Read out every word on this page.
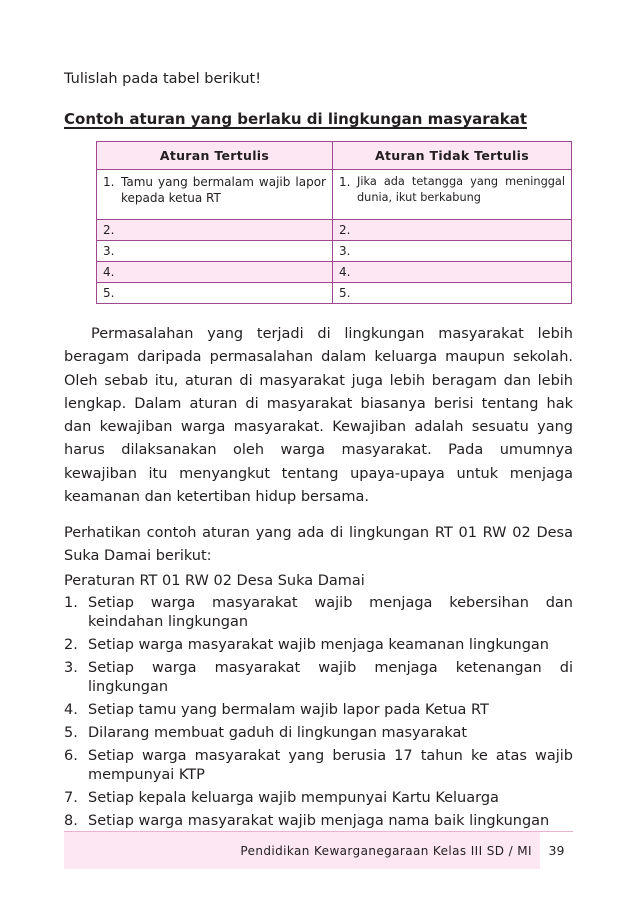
Tulislah pada tabel berikut!
Contoh aturan yang berlaku di lingkungan masyarakat
Aturan Tertulis	Aturan Tidak Tertulis

1. Tamu yang bermalam wajib lapor kepada ketua RT	1. Jika ada tetangga yang meninggal dunia, ikut berkabung

2.	2.
3.	3.
4.	4.
5.	5.

Permasalahan yang terjadi di lingkungan masyarakat lebih beragam daripada permasalahan dalam keluarga maupun sekolah. Oleh sebab itu, aturan di masyarakat juga lebih beragam dan lebih lengkap. Dalam aturan di masyarakat biasanya berisi tentang hak dan kewajiban warga masyarakat. Kewajiban adalah sesuatu yang harus dilaksanakan oleh warga masyarakat. Pada umumnya kewajiban itu menyangkut tentang upaya-upaya untuk menjaga keamanan dan ketertiban hidup bersama.

Perhatikan contoh aturan yang ada di lingkungan RT 01 RW 02 Desa Suka Damai berikut:

Peraturan RT 01 RW 02 Desa Suka Damai
1. Setiap warga masyarakat wajib menjaga kebersihan dan keindahan lingkungan
2. Setiap warga masyarakat wajib menjaga keamanan lingkungan
3. Setiap warga masyarakat wajib menjaga ketenangan di lingkungan
4. Setiap tamu yang bermalam wajib lapor pada Ketua RT
5. Dilarang membuat gaduh di lingkungan masyarakat
6. Setiap warga masyarakat yang berusia 17 tahun ke atas wajib mempunyai KTP
7. Setiap kepala keluarga wajib mempunyai Kartu Keluarga
8. Setiap warga masyarakat wajib menjaga nama baik lingkungan
Pendidikan Kewarganegaraan Kelas III SD / MI	39
